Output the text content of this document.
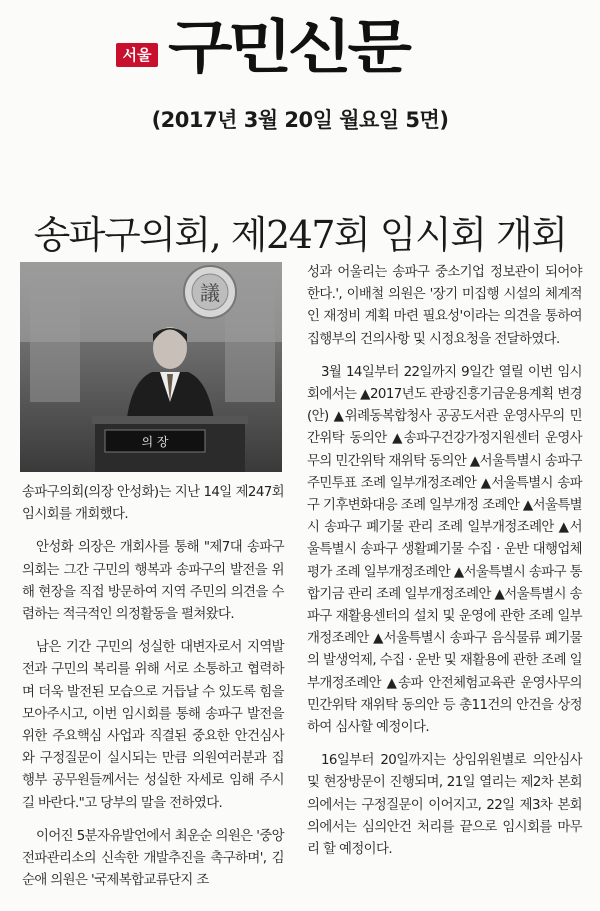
서울 구민신문
(2017년 3월 20일 월요일 5면)
송파구의회, 제247회 임시회 개회
議
의 장

송파구의회(의장 안성화)는 지난 14일 제247회 임시회를 개회했다.

안성화 의장은 개회사를 통해 "제7대 송파구의회는 그간 구민의 행복과 송파구의 발전을 위해 현장을 직접 방문하여 지역 주민의 의견을 수렴하는 적극적인 의정활동을 펼쳐왔다.

남은 기간 구민의 성실한 대변자로서 지역발전과 구민의 복리를 위해 서로 소통하고 협력하며 더욱 발전된 모습으로 거듭날 수 있도록 힘을 모아주시고, 이번 임시회를 통해 송파구 발전을 위한 주요핵심 사업과 직결된 중요한 안건심사와 구정질문이 실시되는 만큼 의원여러분과 집행부 공무원들께서는 성실한 자세로 임해 주시길 바란다."고 당부의 말을 전하였다.

이어진 5분자유발언에서 최운순 의원은 '중앙전파관리소의 신속한 개발추진을 촉구하며', 김순애 의원은 '국제복합교류단지 조

성과 어울리는 송파구 중소기업 정보관이 되어야 한다.', 이배철 의원은 '장기 미집행 시설의 체계적인 재정비 계획 마련 필요성'이라는 의견을 통하여 집행부의 건의사항 및 시정요청을 전달하였다.

3월 14일부터 22일까지 9일간 열릴 이번 임시회에서는 ▲2017년도 관광진흥기금운용계획 변경(안) ▲위례동복합청사 공공도서관 운영사무의 민간위탁 동의안 ▲송파구건강가정지원센터 운영사무의 민간위탁 재위탁 동의안 ▲서울특별시 송파구 주민투표 조례 일부개정조례안 ▲서울특별시 송파구 기후변화대응 조례 일부개정 조례안 ▲서울특별시 송파구 폐기물 관리 조례 일부개정조례안 ▲서울특별시 송파구 생활폐기물 수집 · 운반 대행업체 평가 조례 일부개정조례안 ▲서울특별시 송파구 통합기금 관리 조례 일부개정조례안 ▲서울특별시 송파구 재활용센터의 설치 및 운영에 관한 조례 일부개정조례안 ▲서울특별시 송파구 음식물류 폐기물의 발생억제, 수집 · 운반 및 재활용에 관한 조례 일부개정조례안 ▲송파 안전체험교육관 운영사무의 민간위탁 재위탁 동의안 등 총11건의 안건을 상정하여 심사할 예정이다.

16일부터 20일까지는 상임위원별로 의안심사 및 현장방문이 진행되며, 21일 열리는 제2차 본회의에서는 구정질문이 이어지고, 22일 제3차 본회의에서는 심의안건 처리를 끝으로 임시회를 마무리 할 예정이다.
